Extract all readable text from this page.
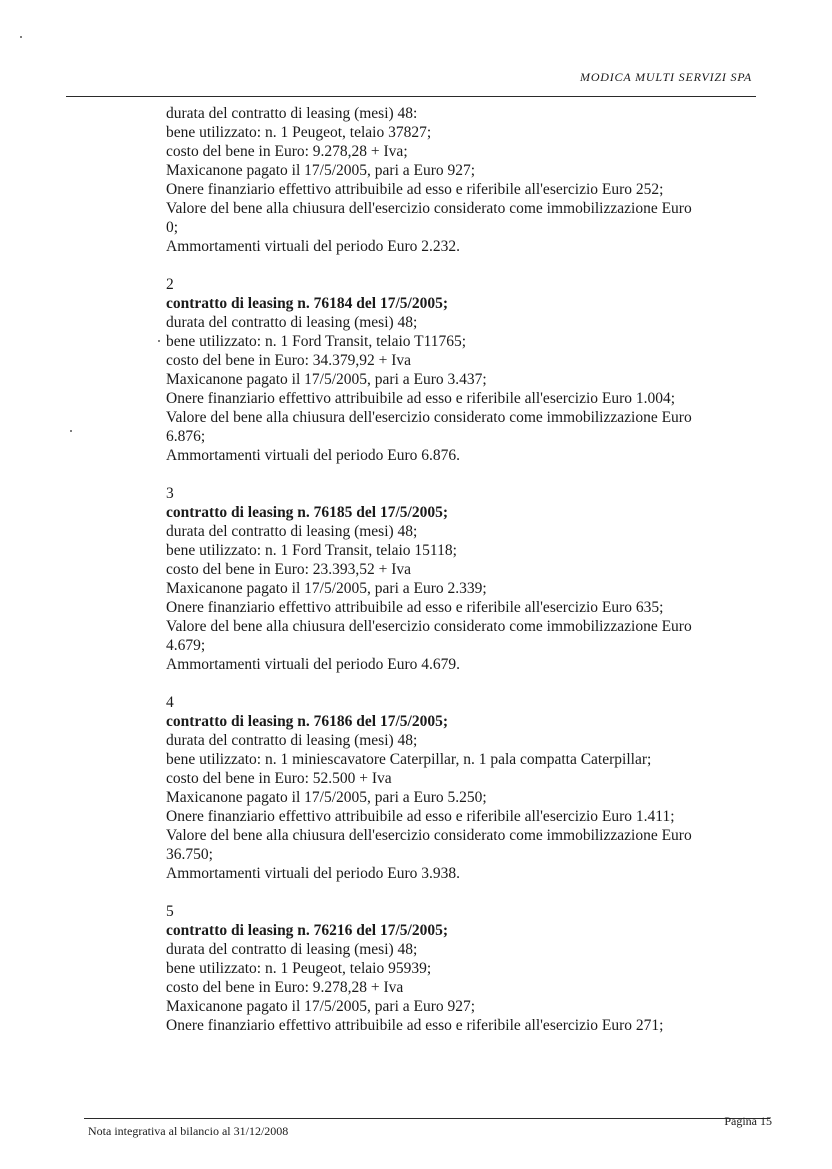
MODICA MULTI SERVIZI SPA
durata del contratto di leasing (mesi) 48:
bene utilizzato: n. 1 Peugeot, telaio 37827;
costo del bene in Euro: 9.278,28 + Iva;
Maxicanone pagato il 17/5/2005, pari a Euro 927;
Onere finanziario effettivo attribuibile ad esso e riferibile all'esercizio Euro 252;
Valore del bene alla chiusura dell'esercizio considerato come immobilizzazione Euro
0;
Ammortamenti virtuali del periodo Euro 2.232.
2
contratto di leasing n. 76184 del 17/5/2005;
durata del contratto di leasing (mesi) 48;
bene utilizzato: n. 1 Ford Transit, telaio T11765;
costo del bene in Euro: 34.379,92 + Iva
Maxicanone pagato il 17/5/2005, pari a Euro 3.437;
Onere finanziario effettivo attribuibile ad esso e riferibile all'esercizio Euro 1.004;
Valore del bene alla chiusura dell'esercizio considerato come immobilizzazione Euro
6.876;
Ammortamenti virtuali del periodo Euro 6.876.
3
contratto di leasing n. 76185 del 17/5/2005;
durata del contratto di leasing (mesi) 48;
bene utilizzato: n. 1 Ford Transit, telaio 15118;
costo del bene in Euro: 23.393,52 + Iva
Maxicanone pagato il 17/5/2005, pari a Euro 2.339;
Onere finanziario effettivo attribuibile ad esso e riferibile all'esercizio Euro 635;
Valore del bene alla chiusura dell'esercizio considerato come immobilizzazione Euro
4.679;
Ammortamenti virtuali del periodo Euro 4.679.
4
contratto di leasing n. 76186 del 17/5/2005;
durata del contratto di leasing (mesi) 48;
bene utilizzato: n. 1 miniescavatore Caterpillar, n. 1 pala compatta Caterpillar;
costo del bene in Euro: 52.500 + Iva
Maxicanone pagato il 17/5/2005, pari a Euro 5.250;
Onere finanziario effettivo attribuibile ad esso e riferibile all'esercizio Euro 1.411;
Valore del bene alla chiusura dell'esercizio considerato come immobilizzazione Euro
36.750;
Ammortamenti virtuali del periodo Euro 3.938.
5
contratto di leasing n. 76216 del 17/5/2005;
durata del contratto di leasing (mesi) 48;
bene utilizzato: n. 1 Peugeot, telaio 95939;
costo del bene in Euro: 9.278,28 + Iva
Maxicanone pagato il 17/5/2005, pari a Euro 927;
Onere finanziario effettivo attribuibile ad esso e riferibile all'esercizio Euro 271;
Nota integrativa al bilancio al 31/12/2008
Pagina 15
